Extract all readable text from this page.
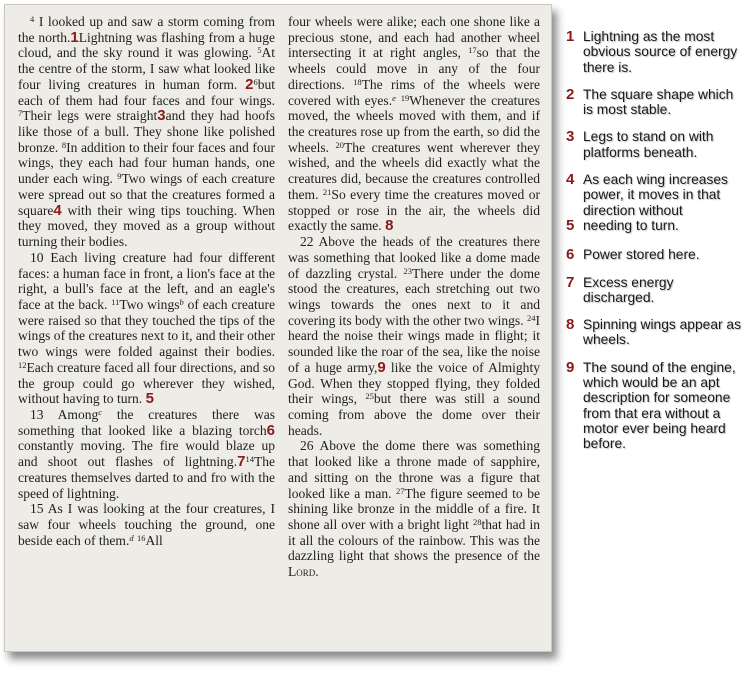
$^4$ I looked up and saw a storm coming from the north.1Lightning was flashing from a huge cloud, and the sky round it was glowing. $^5$At the centre of the storm, I saw what looked like four living creatures in human form. $2^6but$ each of them had four faces and four wings. $^7$Their legs were straight3and they had hoofs like those of a bull. They shone like polished bronze. $^8$In addition to their four faces and four wings, they each had four human hands, one under each wing. $^9$Two wings of each creature were spread out so that the creatures formed a square4 with their wing tips touching. When they moved, they moved as a group without turning their bodies.

10 Each living creature had four different faces: a human face in front, a lion's face at the right, a bull's face at the left, and an eagle's face at the back. $^{11}$Two wings$^b$ of each creature were raised so that they touched the tips of the wings of the creatures next to it, and their other two wings were folded against their bodies. $^{12}$Each creature faced all four directions, and so the group could go wherever they wished, without having to turn. 5

13 Among$^c$ the creatures there was something that looked like a blazing torch6 constantly moving. The fire would blaze up and shoot out flashes of $lightning.7^{14}The$ creatures themselves darted to and fro with the speed of lightning.

15 As I was looking at the four creatures, I saw four wheels touching the ground, one beside each of them.$^d$ $^{16}$All

four wheels were alike; each one shone like a precious stone, and each had another wheel intersecting it at right angles, $^{17}$so that the wheels could move in any of the four directions. $^{18}$The rims of the wheels were covered with eyes.$^e$ $^{19}$Whenever the creatures moved, the wheels moved with them, and if the creatures rose up from the earth, so did the wheels. $^{20}$The creatures went wherever they wished, and the wheels did exactly what the creatures did, because the creatures controlled them. $^{21}$So every time the creatures moved or stopped or rose in the air, the wheels did exactly the same. 8

22 Above the heads of the creatures there was something that looked like a dome made of dazzling crystal. $^{23}$There under the dome stood the creatures, each stretching out two wings towards the ones next to it and covering its body with the other two wings. $^{24}$I heard the noise their wings made in flight; it sounded like the roar of the sea, like the noise of a huge army,9 like the voice of Almighty God. When they stopped flying, they folded their wings, $^{25}$but there was still a sound coming from above the dome over their heads.

26 Above the dome there was something that looked like a throne made of sapphire, and sitting on the throne was a figure that looked like a man. $^{27}$The figure seemed to be shining like bronze in the middle of a fire. It shone all over with a bright light $^{28}$that had in it all the colours of the rainbow. This was the dazzling light that shows the presence of the Lord.

1 Lightning as the most obvious source of energy there is.
2 The square shape which is most stable.
3 Legs to stand on with platforms beneath.
4 As each wing increases power, it moves in that direction without
5 needing to turn.
6 Power stored here.
7 Excess energy discharged.
8 Spinning wings appear as wheels.
9 The sound of the engine, which would be an apt description for someone from that era without a motor ever being heard before.
